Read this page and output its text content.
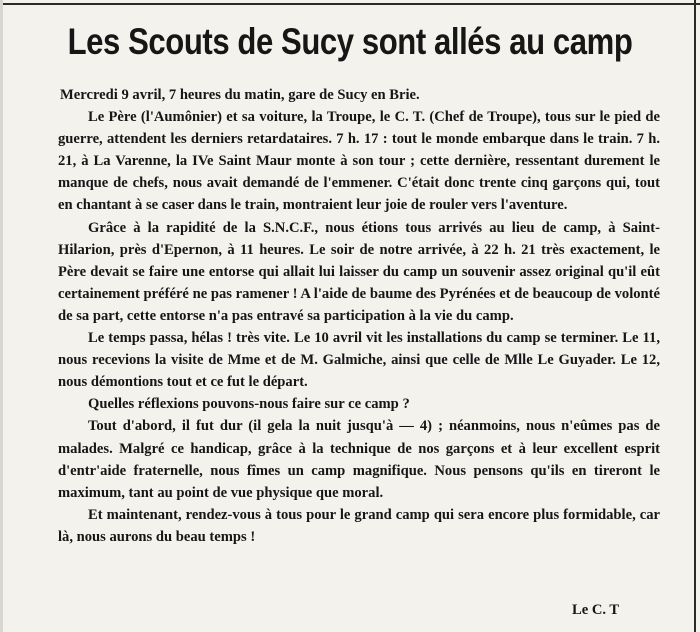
Les Scouts de Sucy sont allés au camp

Mercredi 9 avril, 7 heures du matin, gare de Sucy en Brie.

Le Père (l'Aumônier) et sa voiture, la Troupe, le C. T. (Chef de Troupe), tous sur le pied de guerre, attendent les derniers retardataires. 7 h. 17 : tout le monde embarque dans le train. 7 h. 21, à La Varenne, la IVe Saint Maur monte à son tour ; cette dernière, ressentant durement le manque de chefs, nous avait demandé de l'emmener. C'était donc trente cinq garçons qui, tout en chantant à se caser dans le train, montraient leur joie de rouler vers l'aventure.

Grâce à la rapidité de la S.N.C.F., nous étions tous arrivés au lieu de camp, à Saint-Hilarion, près d'Epernon, à 11 heures. Le soir de notre arrivée, à 22 h. 21 très exactement, le Père devait se faire une entorse qui allait lui laisser du camp un souvenir assez original qu'il eût certainement préféré ne pas ramener ! A l'aide de baume des Pyrénées et de beaucoup de volonté de sa part, cette entorse n'a pas entravé sa participation à la vie du camp.

Le temps passa, hélas ! très vite. Le 10 avril vit les installations du camp se terminer. Le 11, nous recevions la visite de Mme et de M. Galmiche, ainsi que celle de Mlle Le Guyader. Le 12, nous démontions tout et ce fut le départ.

Quelles réflexions pouvons-nous faire sur ce camp ?

Tout d'abord, il fut dur (il gela la nuit jusqu'à — 4) ; néanmoins, nous n'eûmes pas de malades. Malgré ce handicap, grâce à la technique de nos garçons et à leur excellent esprit d'entr'aide fraternelle, nous fîmes un camp magnifique. Nous pensons qu'ils en tireront le maximum, tant au point de vue physique que moral.

Et maintenant, rendez-vous à tous pour le grand camp qui sera encore plus formidable, car là, nous aurons du beau temps !

Le C. T
